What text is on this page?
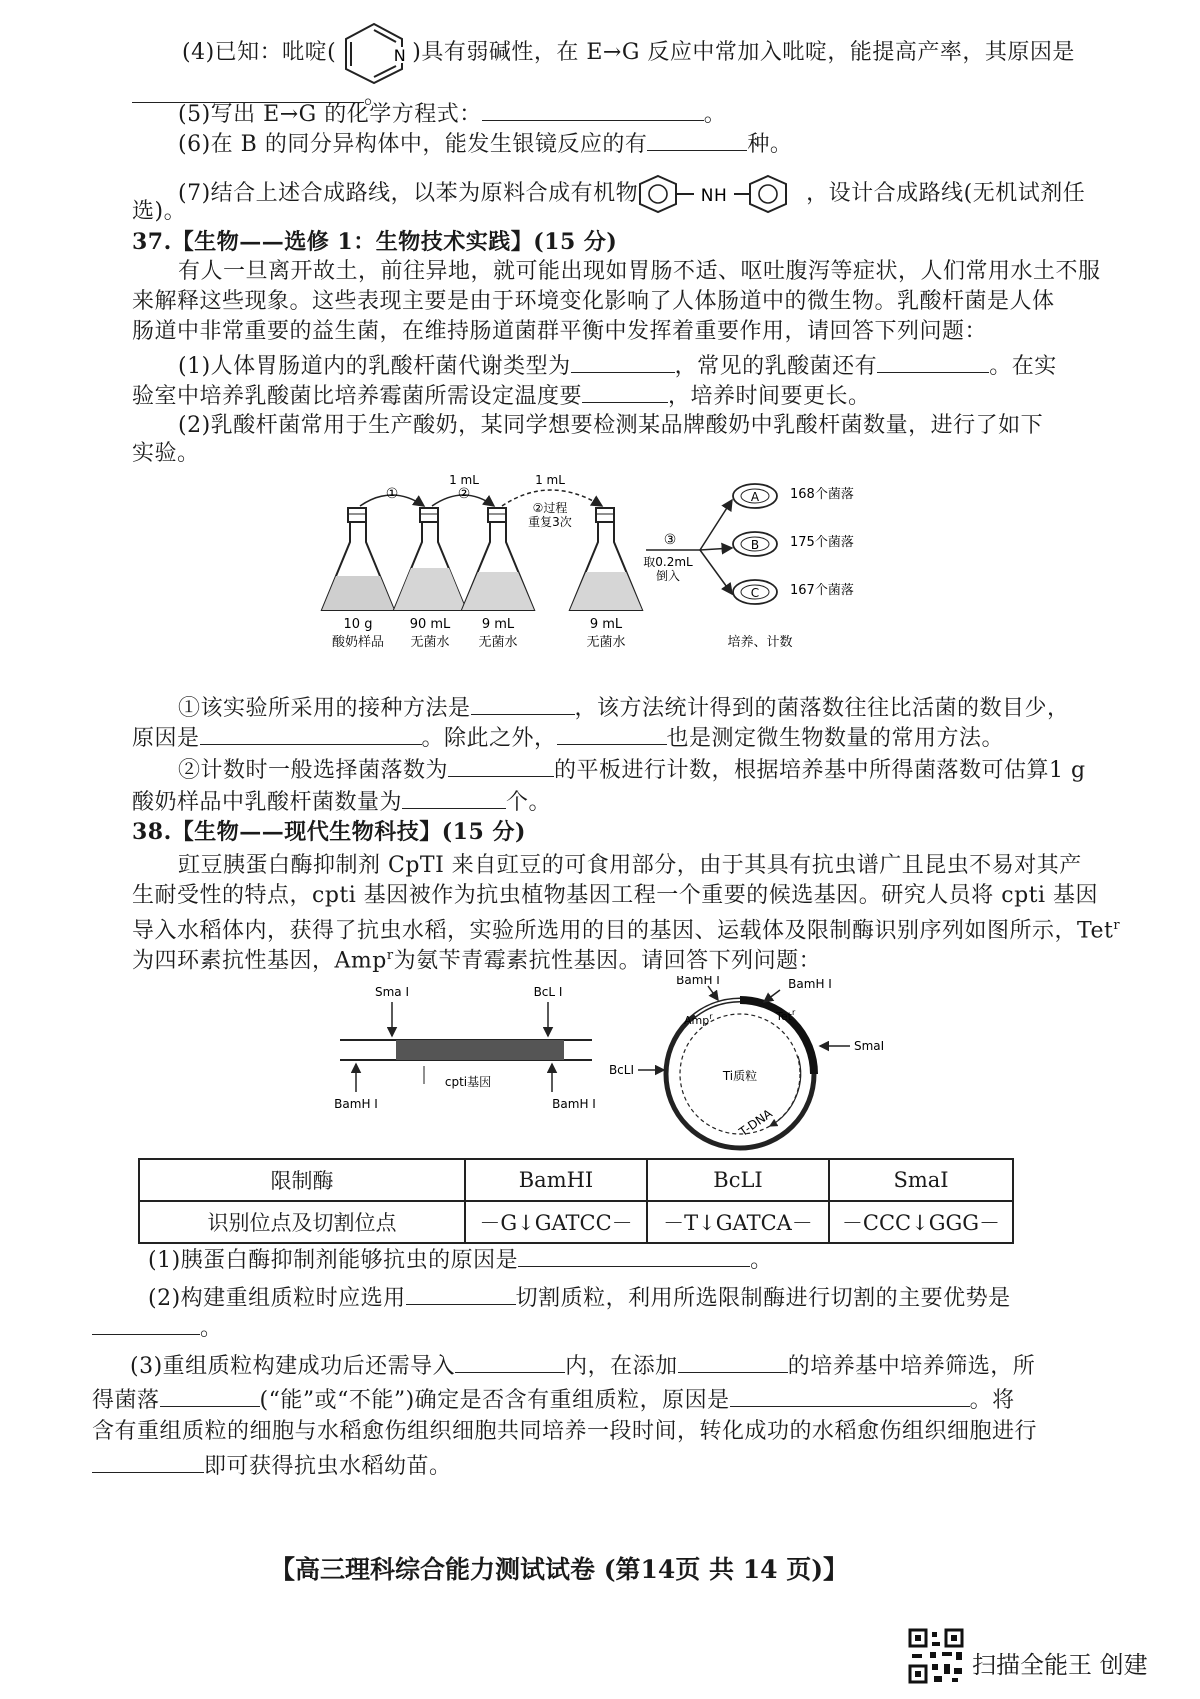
(4)已知：吡啶(	N )具有弱碱性，在 E→G 反应中常加入吡啶，能提高产率，其原因是
。
(5)写出 E→G 的化学方程式：	。
(6)在 B 的同分异构体中，能发生银镜反应的有	种。
(7)结合上述合成路线，以苯为原料合成有机物	NH	，设计合成路线(无机试剂任
选)。
37.【生物——选修 1：生物技术实践】(15 分)
有人一旦离开故土，前往异地，就可能出现如胃肠不适、呕吐腹泻等症状，人们常用水土不服
来解释这些现象。这些表现主要是由于环境变化影响了人体肠道中的微生物。乳酸杆菌是人体
肠道中非常重要的益生菌，在维持肠道菌群平衡中发挥着重要作用，请回答下列问题：
(1)人体胃肠道内的乳酸杆菌代谢类型为	，常见的乳酸菌还有	。在实
验室中培养乳酸菌比培养霉菌所需设定温度要	，培养时间要更长。
(2)乳酸杆菌常用于生产酸奶，某同学想要检测某品牌酸奶中乳酸杆菌数量，进行了如下
实验。
①
1 mL
②
1 mL
②过程
重复3次
③
取0.2mL
倒入
A 168个菌落
B 175个菌落
C 167个菌落
10 g
酸奶样品
90 mL
无菌水
9 mL
无菌水
9 mL
无菌水	培养、计数
①该实验所采用的接种方法是	，该方法统计得到的菌落数往往比活菌的数目少，
原因是	。除此之外，	也是测定微生物数量的常用方法。
②计数时一般选择菌落数为	的平板进行计数，根据培养基中所得菌落数可估算1 g
酸奶样品中乳酸杆菌数量为	个。
38.【生物——现代生物科技】(15 分)
豇豆胰蛋白酶抑制剂 CpTI 来自豇豆的可食用部分，由于其具有抗虫谱广且昆虫不易对其产
生耐受性的特点，cpti 基因被作为抗虫植物基因工程一个重要的候选基因。研究人员将 cpti 基因
导入水稻体内，获得了抗虫水稻，实验所选用的目的基因、运载体及限制酶识别序列如图所示，Tet$^r$
为四环素抗性基因，Amp$^r$为氨苄青霉素抗性基因。请回答下列问题：
Sma I	BcL I
BamH I
cpti基因
BamH I
BamH I	BamH I
Tet$^r$
SmaI
Amp$^r$
BcLI	Ti质粒
T-DNA
限制酶	BamHI	BcLI	SmaI
识别位点及切割位点	－G↓GATCC－	－T↓GATCA－	－CCC↓GGG－
(1)胰蛋白酶抑制剂能够抗虫的原因是	。
(2)构建重组质粒时应选用	切割质粒，利用所选限制酶进行切割的主要优势是
。
(3)重组质粒构建成功后还需导入	内，在添加	的培养基中培养筛选，所
得菌落	(“能”或“不能”)确定是否含有重组质粒，原因是	。将
含有重组质粒的细胞与水稻愈伤组织细胞共同培养一段时间，转化成功的水稻愈伤组织细胞进行
即可获得抗虫水稻幼苗。
【高三理科综合能力测试试卷 (第14页 共 14 页)】
扫描全能王 创建
